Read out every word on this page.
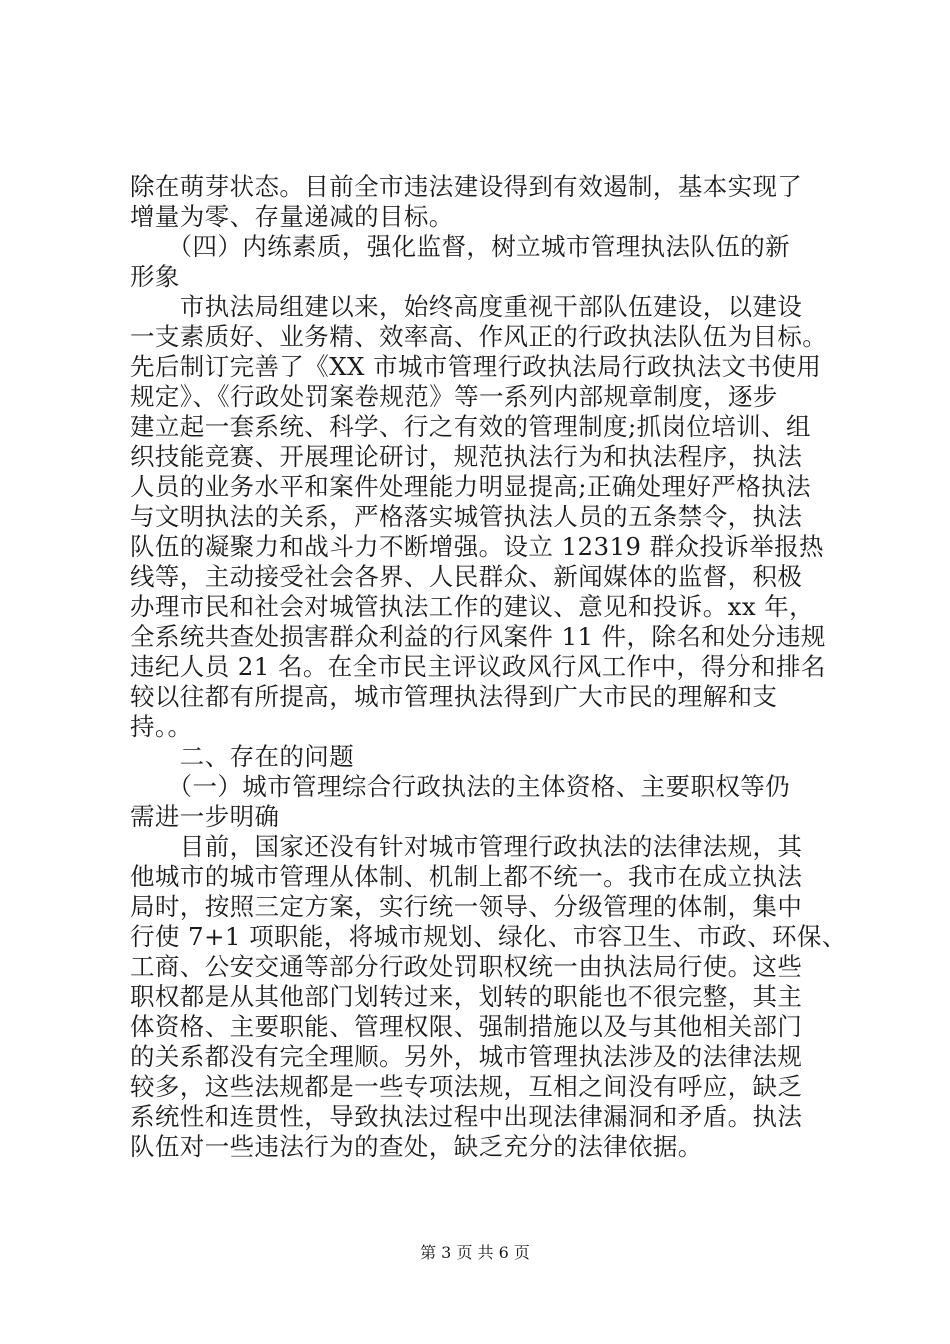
除在萌芽状态。目前全市违法建设得到有效遏制，基本实现了
增量为零、存量递减的目标。
　　（四）内练素质，强化监督，树立城市管理执法队伍的新
形象
　　市执法局组建以来，始终高度重视干部队伍建设，以建设
一支素质好、业务精、效率高、作风正的行政执法队伍为目标。
先后制订完善了《XX 市城市管理行政执法局行政执法文书使用
规定》、《行政处罚案卷规范》等一系列内部规章制度，逐步
建立起一套系统、科学、行之有效的管理制度;抓岗位培训、组
织技能竞赛、开展理论研讨，规范执法行为和执法程序，执法
人员的业务水平和案件处理能力明显提高;正确处理好严格执法
与文明执法的关系，严格落实城管执法人员的五条禁令，执法
队伍的凝聚力和战斗力不断增强。设立 12319 群众投诉举报热
线等，主动接受社会各界、人民群众、新闻媒体的监督，积极
办理市民和社会对城管执法工作的建议、意见和投诉。xx 年，
全系统共查处损害群众利益的行风案件 11 件，除名和处分违规
违纪人员 21 名。在全市民主评议政风行风工作中，得分和排名
较以往都有所提高，城市管理执法得到广大市民的理解和支
持。。
　　二、存在的问题
　　（一）城市管理综合行政执法的主体资格、主要职权等仍
需进一步明确
　　目前，国家还没有针对城市管理行政执法的法律法规，其
他城市的城市管理从体制、机制上都不统一。我市在成立执法
局时，按照三定方案，实行统一领导、分级管理的体制，集中
行使 7+1 项职能，将城市规划、绿化、市容卫生、市政、环保、
工商、公安交通等部分行政处罚职权统一由执法局行使。这些
职权都是从其他部门划转过来，划转的职能也不很完整，其主
体资格、主要职能、管理权限、强制措施以及与其他相关部门
的关系都没有完全理顺。另外，城市管理执法涉及的法律法规
较多，这些法规都是一些专项法规，互相之间没有呼应，缺乏
系统性和连贯性，导致执法过程中出现法律漏洞和矛盾。执法
队伍对一些违法行为的查处，缺乏充分的法律依据。
第 3 页 共 6 页
